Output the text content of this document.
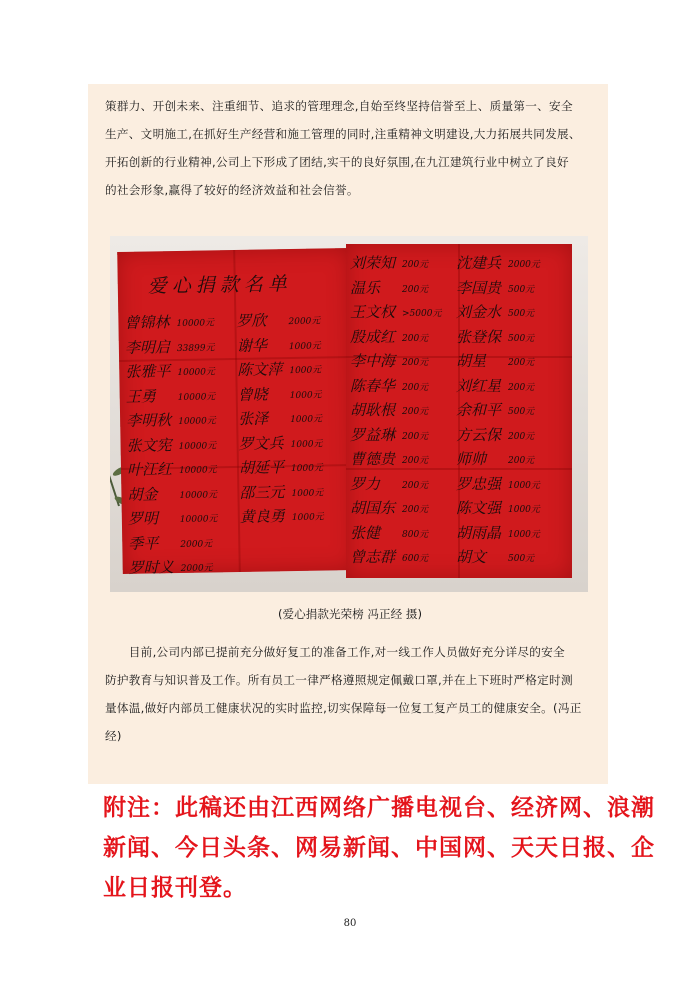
策群力、开创未来、注重细节、追求的管理理念,自始至终坚持信誉至上、质量第一、安全
生产、文明施工,在抓好生产经营和施工管理的同时,注重精神文明建设,大力拓展共同发展、
开拓创新的行业精神,公司上下形成了团结,实干的良好氛围,在九江建筑行业中树立了良好
的社会形象,赢得了较好的经济效益和社会信誉。
爱心捐款名单
曾锦林 10000元
李明启 33899元
张雅平 10000元
王勇 10000元
李明秋 10000元
张文宪 10000元
叶江红 10000元
胡金 10000元
罗明 10000元
季平 2000元
罗时义 2000元
罗欣 2000元
谢华 1000元
陈文萍 1000元
曾晓 1000元
张泽 1000元
罗文兵 1000元
胡延平 1000元
邵三元 1000元
黄良勇 1000元
刘荣知 200元
温乐 200元
王文权 >5000元
殷成红 200元
李中海 200元
陈春华 200元
胡耿根 200元
罗益琳 200元
曹德贵 200元
罗力 200元
胡国东 200元
张健 800元
曾志群 600元
沈建兵 2000元
李国贵 500元
刘金水 500元
张登保 500元
胡星 200元
刘红星 200元
余和平 500元
方云保 200元
师帅 200元
罗忠强 1000元
陈文强 1000元
胡雨晶 1000元
胡文 500元
(爱心捐款光荣榜 冯正经 摄)
　　目前,公司内部已提前充分做好复工的准备工作,对一线工作人员做好充分详尽的安全
防护教育与知识普及工作。所有员工一律严格遵照规定佩戴口罩,并在上下班时严格定时测
量体温,做好内部员工健康状况的实时监控,切实保障每一位复工复产员工的健康安全。(冯正
经)
附注：此稿还由江西网络广播电视台、经济网、浪潮
新闻、今日头条、网易新闻、中国网、天天日报、企
业日报刊登。
80
